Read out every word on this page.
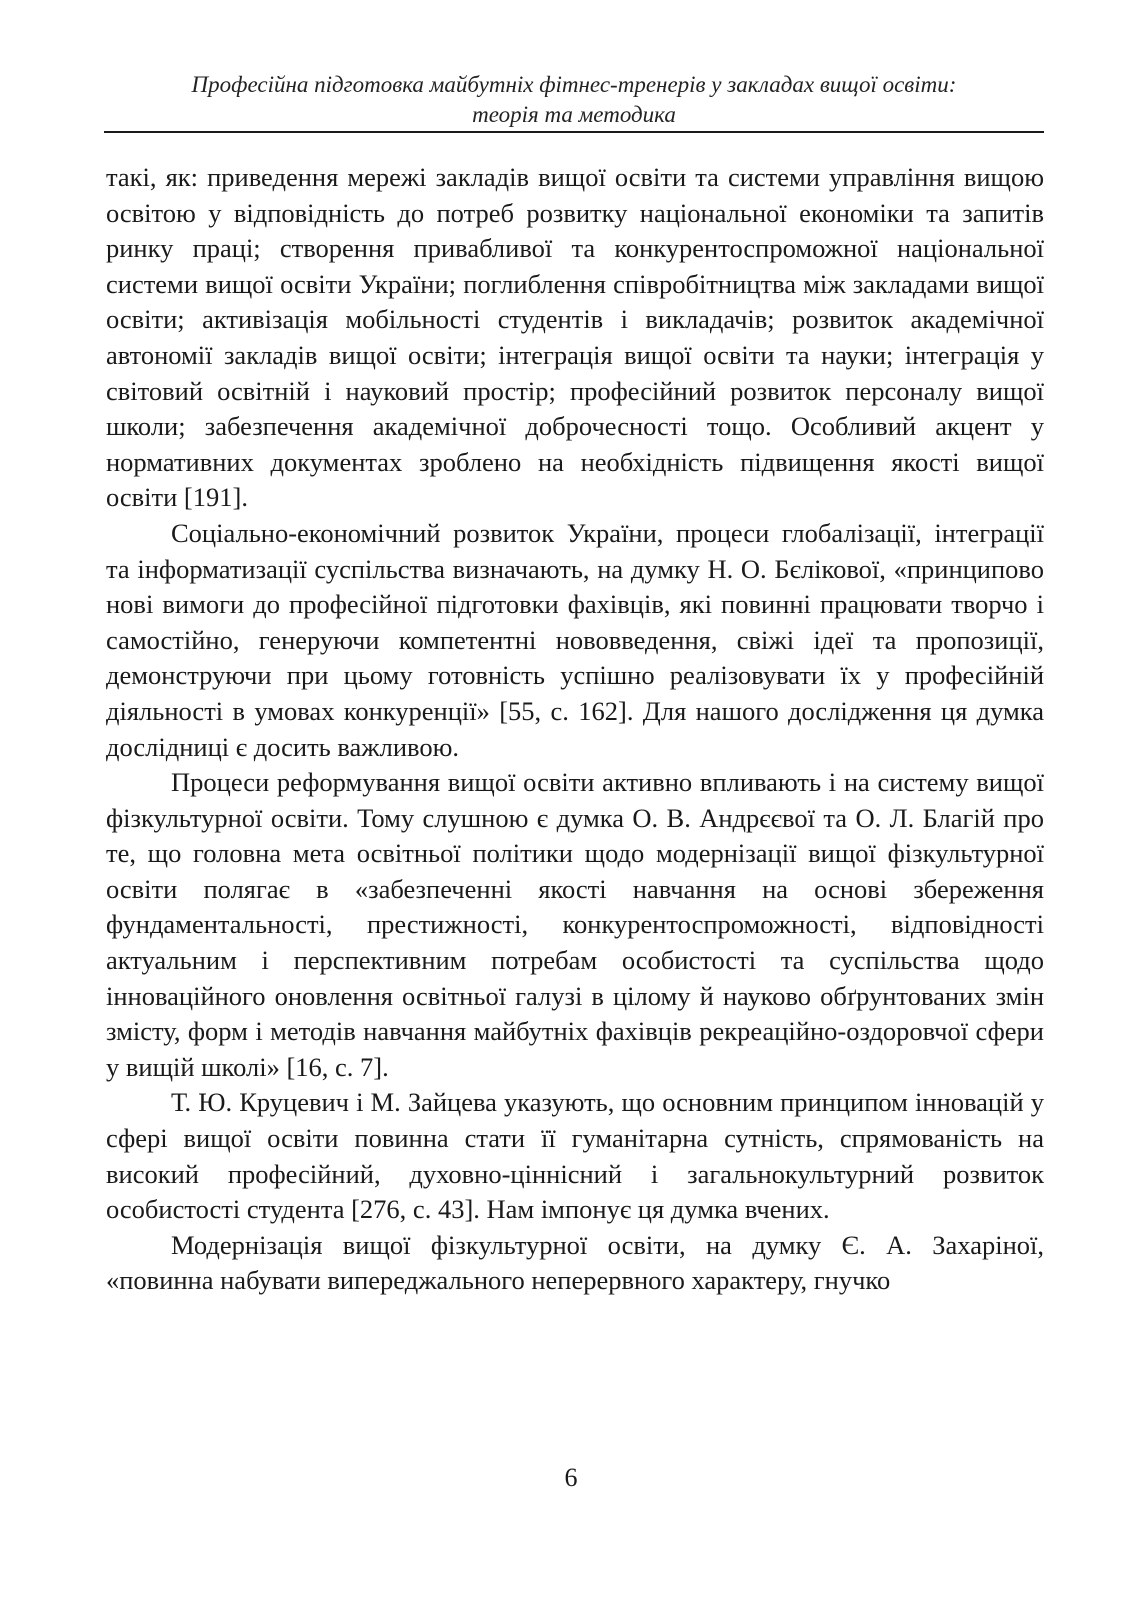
Професійна підготовка майбутніх фітнес-тренерів у закладах вищої освіти:
теорія та методика

такі, як: приведення мережі закладів вищої освіти та системи управління вищою освітою у відповідність до потреб розвитку національної економіки та запитів ринку праці; створення привабливої та конкурентоспроможної національної системи вищої освіти України; поглиблення співробітництва між закладами вищої освіти; активізація мобільності студентів і викладачів; розвиток академічної автономії закладів вищої освіти; інтеграція вищої освіти та науки; інтеграція у світовий освітній і науковий простір; професійний розвиток персоналу вищої школи; забезпечення академічної доброчесності тощо. Особливий акцент у нормативних документах зроблено на необхідність підвищення якості вищої освіти [191].

Соціально-економічний розвиток України, процеси глобалізації, інтеграції та інформатизації суспільства визначають, на думку Н. О. Бєлікової, «принципово нові вимоги до професійної підготовки фахівців, які повинні працювати творчо і самостійно, генеруючи компетентні нововведення, свіжі ідеї та пропозиції, демонструючи при цьому готовність успішно реалізовувати їх у професійній діяльності в умовах конкуренції» [55, с. 162]. Для нашого дослідження ця думка дослідниці є досить важливою.

Процеси реформування вищої освіти активно впливають і на систему вищої фізкультурної освіти. Тому слушною є думка О. В. Андрєєвої та О. Л. Благій про те, що головна мета освітньої політики щодо модернізації вищої фізкультурної освіти полягає в «забезпеченні якості навчання на основі збереження фундаментальності, престижності, конкурентоспроможності, відповідності актуальним і перспективним потребам особистості та суспільства щодо інноваційного оновлення освітньої галузі в цілому й науково обґрунтованих змін змісту, форм і методів навчання майбутніх фахівців рекреаційно-оздоровчої сфери у вищій школі» [16, с. 7].

Т. Ю. Круцевич і М. Зайцева указують, що основним принципом інновацій у сфері вищої освіти повинна стати її гуманітарна сутність, спрямованість на високий професійний, духовно-ціннісний і загальнокультурний розвиток особистості студента [276, с. 43]. Нам імпонує ця думка вчених.

Модернізація вищої фізкультурної освіти, на думку Є. А. Захаріної, «повинна набувати випереджального неперервного характеру, гнучко

6
